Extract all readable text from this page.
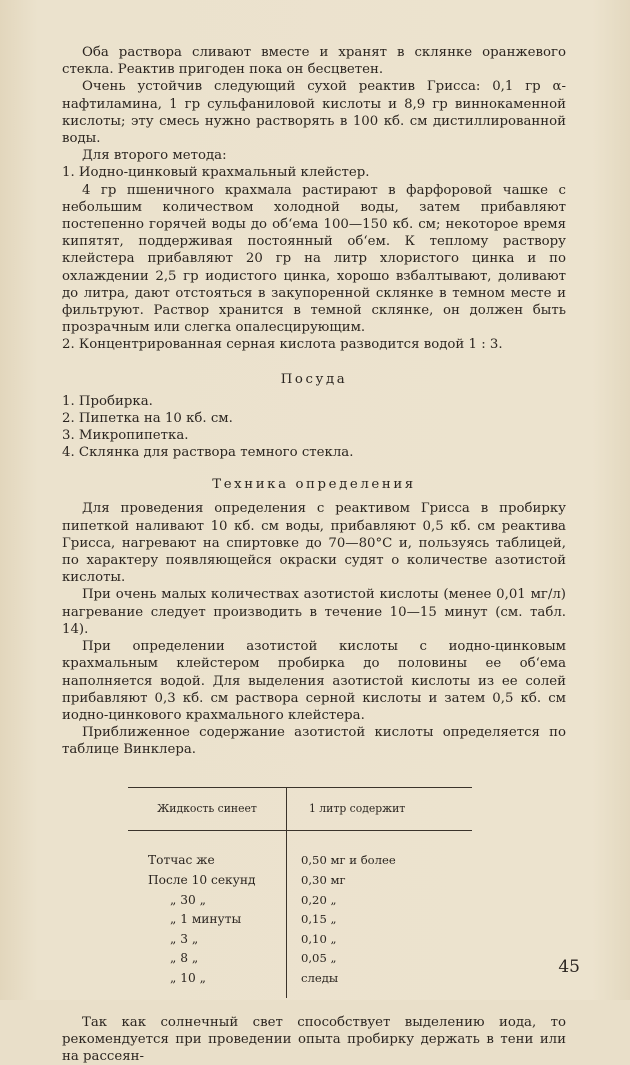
  Оба раствора сливают вместе и хранят в склянке оранжевого стекла. Реактив пригоден пока он бесцветен.

  Очень устойчив следующий сухой реактив Грисса: 0,1 гр α-нафтиламина, 1 гр сульфаниловой кислоты и 8,9 гр виннокаменной кислоты; эту смесь нужно растворять в 100 кб. см дистиллированной воды.

  Для второго метода:

1. Иодно-цинковый крахмальный клейстер.

  4 гр пшеничного крахмала растирают в фарфоровой чашке с небольшим количеством холодной воды, затем прибавляют постепенно горячей воды до об‘ема 100—150 кб. см; некоторое время кипятят, поддерживая постоянный об‘ем. К теплому раствору клейстера прибавляют 20 гр на литр хлористого цинка и по охлаждении 2,5 гр иодистого цинка, хорошо взбалтывают, доливают до литра, дают отстояться в закупоренной склянке в темном месте и фильтруют. Раствор хранится в темной склянке, он должен быть прозрачным или слегка опалесцирующим.

2. Концентрированная серная кислота разводится водой 1 : 3.

Посуда

1. Пробирка.

2. Пипетка на 10 кб. см.

3. Микропипетка.

4. Склянка для раствора темного стекла.

Техника определения

  Для проведения определения с реактивом Грисса в пробирку пипеткой наливают 10 кб. см воды, прибавляют 0,5 кб. см реактива Грисса, нагревают на спиртовке до 70—80°C и, пользуясь таблицей, по характеру появляющейся окраски судят о количестве азотистой кислоты.

  При очень малых количествах азотистой кислоты (менее 0,01 мг/л) нагревание следует производить в течение 10—15 минут (см. табл. 14).

  При определении азотистой кислоты с иодно-цинковым крахмальным клейстером пробирка до половины ее об‘ема наполняется водой. Для выделения азотистой кислоты из ее солей прибавляют 0,3 кб. см раствора серной кислоты и затем 0,5 кб. см иодно-цинкового крахмального клейстера.

  Приближенное содержание азотистой кислоты определяется по таблице Винклера.

Жидкость синеет	1 литр содержит
Тотчас же	0,50 мг и более
После 10 секунд	0,30 мг
„ 30 „	0,20 „
„ 1 минуты	0,15 „
„ 3 „	0,10 „
„ 8 „	0,05 „
„ 10 „	следы

  Так как солнечный свет способствует выделению иода, то рекомендуется при проведении опыта пробирку держать в тени или на рассеян-

45
